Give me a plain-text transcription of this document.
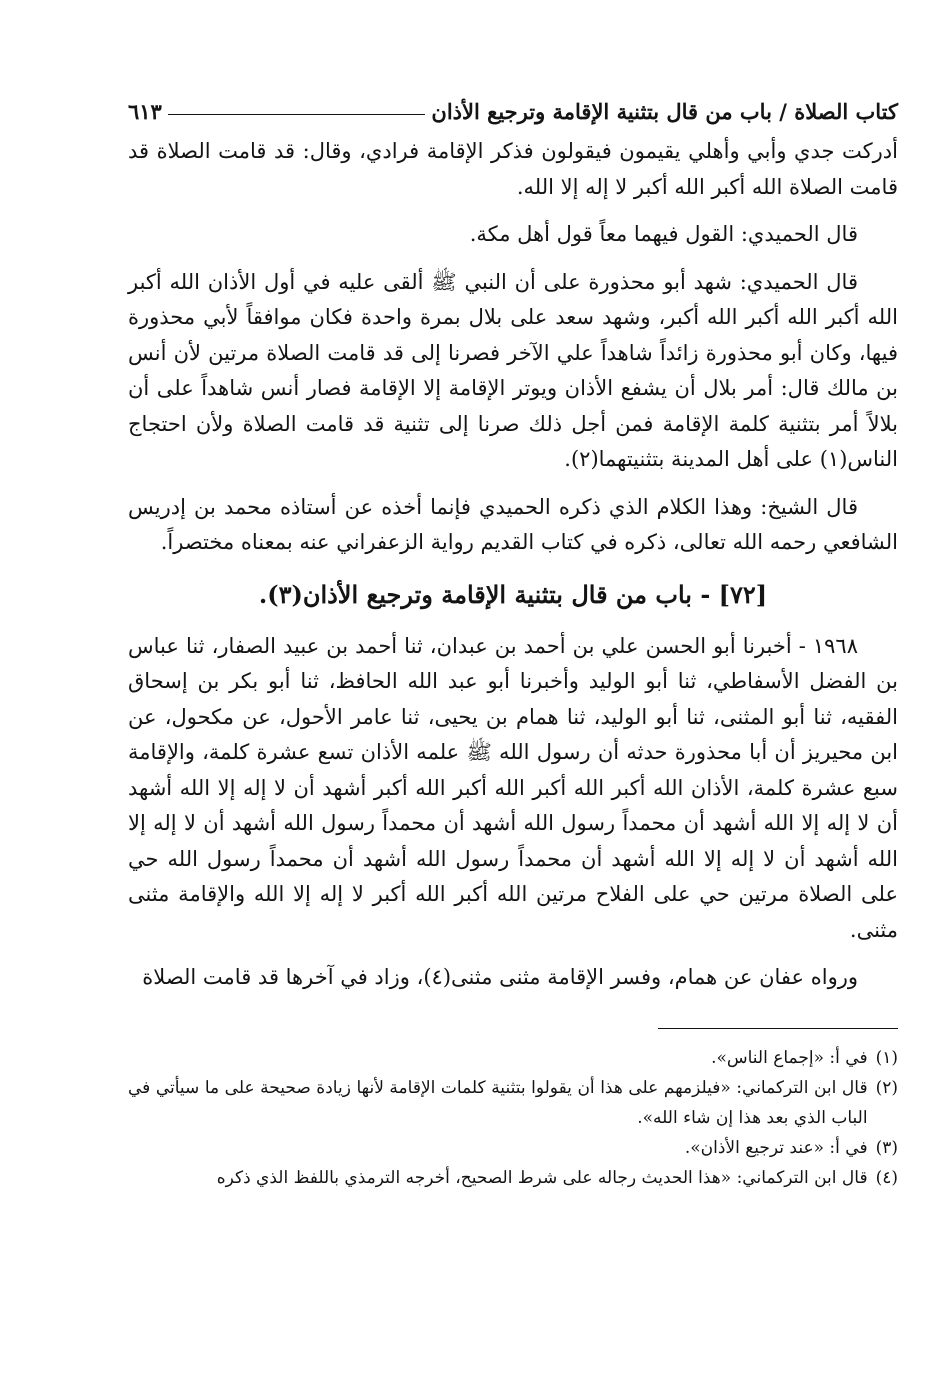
كتاب الصلاة / باب من قال بتثنية الإقامة وترجيع الأذان
٦١٣

أدركت جدي وأبي وأهلي يقيمون فيقولون فذكر الإقامة فرادي، وقال: قد قامت الصلاة قد قامت الصلاة الله أكبر الله أكبر لا إله إلا الله.

قال الحميدي: القول فيهما معاً قول أهل مكة.

قال الحميدي: شهد أبو محذورة على أن النبي ﷺ ألقى عليه في أول الأذان الله أكبر الله أكبر الله أكبر الله أكبر، وشهد سعد على بلال بمرة واحدة فكان موافقاً لأبي محذورة فيها، وكان أبو محذورة زائداً شاهداً علي الآخر فصرنا إلى قد قامت الصلاة مرتين لأن أنس بن مالك قال: أمر بلال أن يشفع الأذان ويوتر الإقامة إلا الإقامة فصار أنس شاهداً على أن بلالاً أمر بتثنية كلمة الإقامة فمن أجل ذلك صرنا إلى تثنية قد قامت الصلاة ولأن احتجاج الناس(١) على أهل المدينة بتثنيتهما(٢).

قال الشيخ: وهذا الكلام الذي ذكره الحميدي فإنما أخذه عن أستاذه محمد بن إدريس الشافعي رحمه الله تعالى، ذكره في كتاب القديم رواية الزعفراني عنه بمعناه مختصراً.

[٧٢] - باب من قال بتثنية الإقامة وترجيع الأذان(٣).

١٩٦٨ - أخبرنا أبو الحسن علي بن أحمد بن عبدان، ثنا أحمد بن عبيد الصفار، ثنا عباس بن الفضل الأسفاطي، ثنا أبو الوليد وأخبرنا أبو عبد الله الحافظ، ثنا أبو بكر بن إسحاق الفقيه، ثنا أبو المثنى، ثنا أبو الوليد، ثنا همام بن يحيى، ثنا عامر الأحول، عن مكحول، عن ابن محيريز أن أبا محذورة حدثه أن رسول الله ﷺ علمه الأذان تسع عشرة كلمة، والإقامة سبع عشرة كلمة، الأذان الله أكبر الله أكبر الله أكبر الله أكبر أشهد أن لا إله إلا الله أشهد أن لا إله إلا الله أشهد أن محمداً رسول الله أشهد أن محمداً رسول الله أشهد أن لا إله إلا الله أشهد أن لا إله إلا الله أشهد أن محمداً رسول الله أشهد أن محمداً رسول الله حي على الصلاة مرتين حي على الفلاح مرتين الله أكبر الله أكبر لا إله إلا الله والإقامة مثنى مثنى.

ورواه عفان عن همام، وفسر الإقامة مثنى مثنى(٤)، وزاد في آخرها قد قامت الصلاة

(١)
في أ: «إجماع الناس».
(٢)
قال ابن التركماني: «فيلزمهم على هذا أن يقولوا بتثنية كلمات الإقامة لأنها زيادة صحيحة على ما سيأتي في الباب الذي بعد هذا إن شاء الله».
(٣)
في أ: «عند ترجيع الأذان».
(٤)
قال ابن التركماني: «هذا الحديث رجاله على شرط الصحيح، أخرجه الترمذي باللفظ الذي ذكره
